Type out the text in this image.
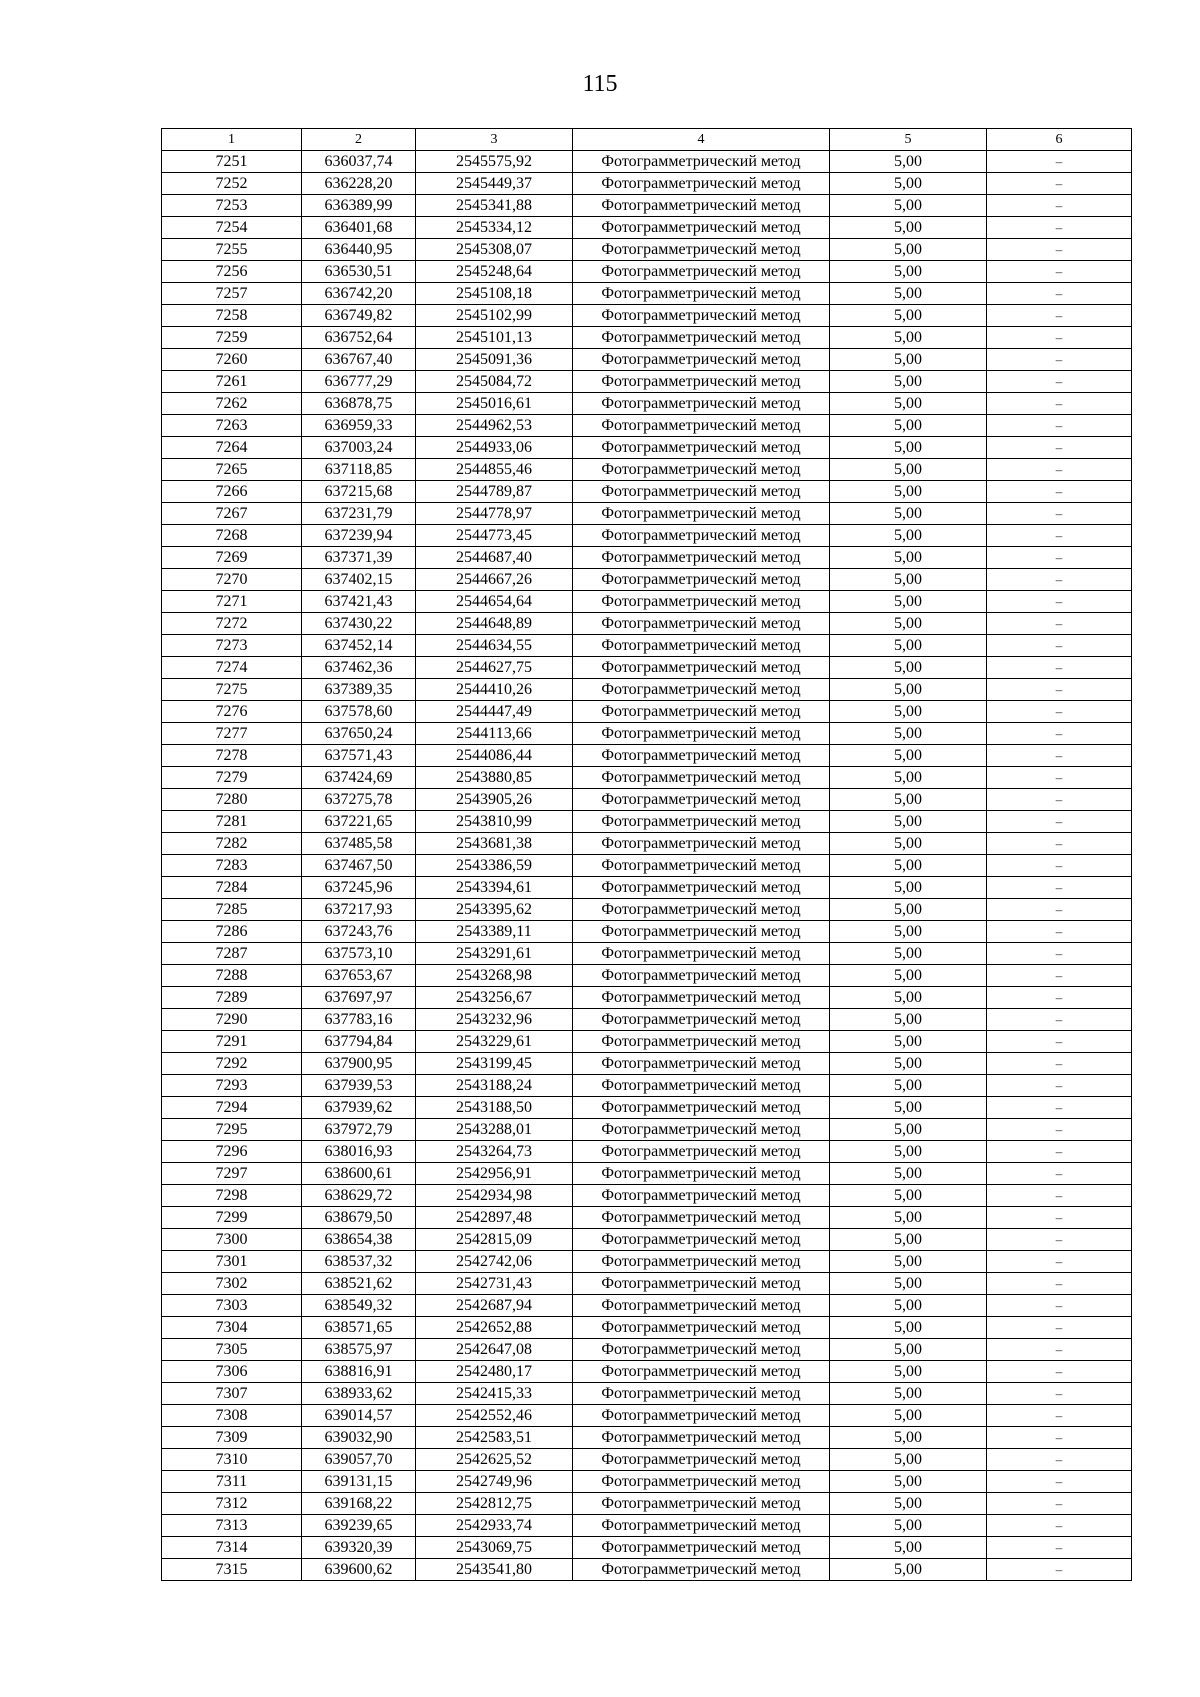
115
1	2	3	4	5	6
7251	636037,74	2545575,92	Фотограмметрический метод	5,00	–
7252	636228,20	2545449,37	Фотограмметрический метод	5,00	–
7253	636389,99	2545341,88	Фотограмметрический метод	5,00	–
7254	636401,68	2545334,12	Фотограмметрический метод	5,00	–
7255	636440,95	2545308,07	Фотограмметрический метод	5,00	–
7256	636530,51	2545248,64	Фотограмметрический метод	5,00	–
7257	636742,20	2545108,18	Фотограмметрический метод	5,00	–
7258	636749,82	2545102,99	Фотограмметрический метод	5,00	–
7259	636752,64	2545101,13	Фотограмметрический метод	5,00	–
7260	636767,40	2545091,36	Фотограмметрический метод	5,00	–
7261	636777,29	2545084,72	Фотограмметрический метод	5,00	–
7262	636878,75	2545016,61	Фотограмметрический метод	5,00	–
7263	636959,33	2544962,53	Фотограмметрический метод	5,00	–
7264	637003,24	2544933,06	Фотограмметрический метод	5,00	–
7265	637118,85	2544855,46	Фотограмметрический метод	5,00	–
7266	637215,68	2544789,87	Фотограмметрический метод	5,00	–
7267	637231,79	2544778,97	Фотограмметрический метод	5,00	–
7268	637239,94	2544773,45	Фотограмметрический метод	5,00	–
7269	637371,39	2544687,40	Фотограмметрический метод	5,00	–
7270	637402,15	2544667,26	Фотограмметрический метод	5,00	–
7271	637421,43	2544654,64	Фотограмметрический метод	5,00	–
7272	637430,22	2544648,89	Фотограмметрический метод	5,00	–
7273	637452,14	2544634,55	Фотограмметрический метод	5,00	–
7274	637462,36	2544627,75	Фотограмметрический метод	5,00	–
7275	637389,35	2544410,26	Фотограмметрический метод	5,00	–
7276	637578,60	2544447,49	Фотограмметрический метод	5,00	–
7277	637650,24	2544113,66	Фотограмметрический метод	5,00	–
7278	637571,43	2544086,44	Фотограмметрический метод	5,00	–
7279	637424,69	2543880,85	Фотограмметрический метод	5,00	–
7280	637275,78	2543905,26	Фотограмметрический метод	5,00	–
7281	637221,65	2543810,99	Фотограмметрический метод	5,00	–
7282	637485,58	2543681,38	Фотограмметрический метод	5,00	–
7283	637467,50	2543386,59	Фотограмметрический метод	5,00	–
7284	637245,96	2543394,61	Фотограмметрический метод	5,00	–
7285	637217,93	2543395,62	Фотограмметрический метод	5,00	–
7286	637243,76	2543389,11	Фотограмметрический метод	5,00	–
7287	637573,10	2543291,61	Фотограмметрический метод	5,00	–
7288	637653,67	2543268,98	Фотограмметрический метод	5,00	–
7289	637697,97	2543256,67	Фотограмметрический метод	5,00	–
7290	637783,16	2543232,96	Фотограмметрический метод	5,00	–
7291	637794,84	2543229,61	Фотограмметрический метод	5,00	–
7292	637900,95	2543199,45	Фотограмметрический метод	5,00	–
7293	637939,53	2543188,24	Фотограмметрический метод	5,00	–
7294	637939,62	2543188,50	Фотограмметрический метод	5,00	–
7295	637972,79	2543288,01	Фотограмметрический метод	5,00	–
7296	638016,93	2543264,73	Фотограмметрический метод	5,00	–
7297	638600,61	2542956,91	Фотограмметрический метод	5,00	–
7298	638629,72	2542934,98	Фотограмметрический метод	5,00	–
7299	638679,50	2542897,48	Фотограмметрический метод	5,00	–
7300	638654,38	2542815,09	Фотограмметрический метод	5,00	–
7301	638537,32	2542742,06	Фотограмметрический метод	5,00	–
7302	638521,62	2542731,43	Фотограмметрический метод	5,00	–
7303	638549,32	2542687,94	Фотограмметрический метод	5,00	–
7304	638571,65	2542652,88	Фотограмметрический метод	5,00	–
7305	638575,97	2542647,08	Фотограмметрический метод	5,00	–
7306	638816,91	2542480,17	Фотограмметрический метод	5,00	–
7307	638933,62	2542415,33	Фотограмметрический метод	5,00	–
7308	639014,57	2542552,46	Фотограмметрический метод	5,00	–
7309	639032,90	2542583,51	Фотограмметрический метод	5,00	–
7310	639057,70	2542625,52	Фотограмметрический метод	5,00	–
7311	639131,15	2542749,96	Фотограмметрический метод	5,00	–
7312	639168,22	2542812,75	Фотограмметрический метод	5,00	–
7313	639239,65	2542933,74	Фотограмметрический метод	5,00	–
7314	639320,39	2543069,75	Фотограмметрический метод	5,00	–
7315	639600,62	2543541,80	Фотограмметрический метод	5,00	–
